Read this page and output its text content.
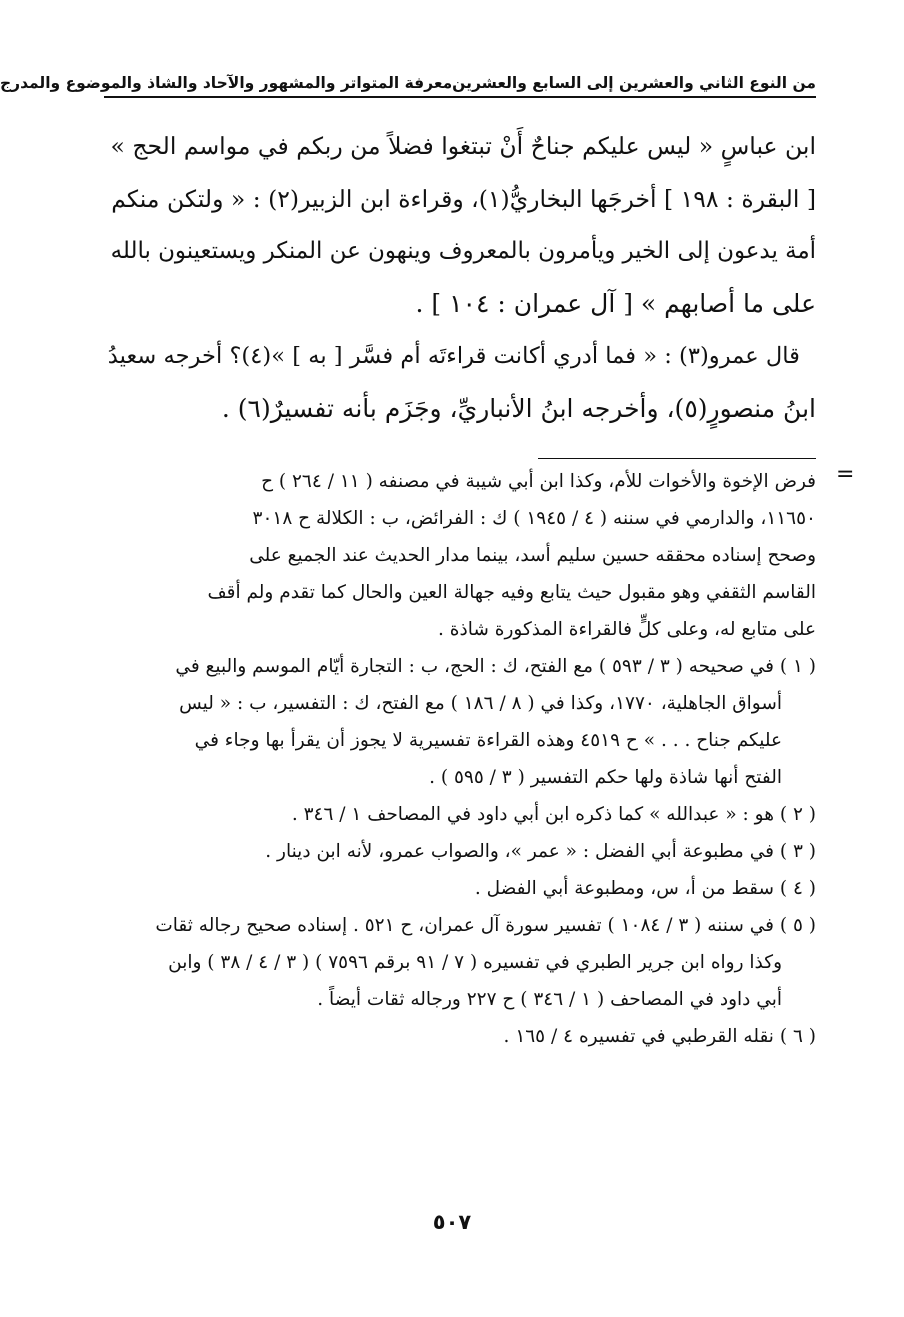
من النوع الثاني والعشرين إلى السابع والعشرين
معرفة المتواتر والمشهور والآحاد والشاذ والموضوع والمدرج
ابن عباسٍ « ليس عليكم جناحٌ أَنْ تبتغوا فضلاً من ربكم في مواسم الحج »
[ البقرة : ١٩٨ ] أخرجَها البخاريُّ(١)، وقراءة ابن الزبير(٢) : « ولتكن منكم
أمة يدعون إلى الخير ويأمرون بالمعروف وينهون عن المنكر ويستعينون بالله
على ما أصابهم » [ آل عمران : ١٠٤ ] .
قال عمرو(٣) : « فما أدري أكانت قراءتَه أم فسَّر [ به ] »(٤)؟ أخرجه سعيدُ
ابنُ منصورٍ(٥)، وأخرجه ابنُ الأنباريِّ، وجَزَم بأنه تفسيرٌ(٦) .
=
فرض الإخوة والأخوات للأم، وكذا ابن أبي شيبة في مصنفه ( ١١ / ٢٦٤ ) ح
١١٦٥٠، والدارمي في سننه ( ٤ / ١٩٤٥ ) ك : الفرائض، ب : الكلالة ح ٣٠١٨
وصحح إسناده محققه حسين سليم أسد، بينما مدار الحديث عند الجميع على
القاسم الثقفي وهو مقبول حيث يتابع وفيه جهالة العين والحال كما تقدم ولم أقف
على متابع له، وعلى كلٍّ فالقراءة المذكورة شاذة .
( ١ ) في صحيحه ( ٣ / ٥٩٣ ) مع الفتح، ك : الحج، ب : التجارة أيّام الموسم والبيع في
أسواق الجاهلية، ١٧٧٠، وكذا في ( ٨ / ١٨٦ ) مع الفتح، ك : التفسير، ب : « ليس
عليكم جناح . . . » ح ٤٥١٩ وهذه القراءة تفسيرية لا يجوز أن يقرأ بها وجاء في
الفتح أنها شاذة ولها حكم التفسير ( ٣ / ٥٩٥ ) .
( ٢ ) هو : « عبدالله » كما ذكره ابن أبي داود في المصاحف ١ / ٣٤٦ .
( ٣ ) في مطبوعة أبي الفضل : « عمر »، والصواب عمرو، لأنه ابن دينار .
( ٤ ) سقط من أ، س، ومطبوعة أبي الفضل .
( ٥ ) في سننه ( ٣ / ١٠٨٤ ) تفسير سورة آل عمران، ح ٥٢١ . إسناده صحيح رجاله ثقات
وكذا رواه ابن جرير الطبري في تفسيره ( ٧ / ٩١ برقم ٧٥٩٦ ) ( ٣ / ٤ / ٣٨ ) وابن
أبي داود في المصاحف ( ١ / ٣٤٦ ) ح ٢٢٧ ورجاله ثقات أيضاً .
( ٦ ) نقله القرطبي في تفسيره ٤ / ١٦٥ .
٥٠٧
